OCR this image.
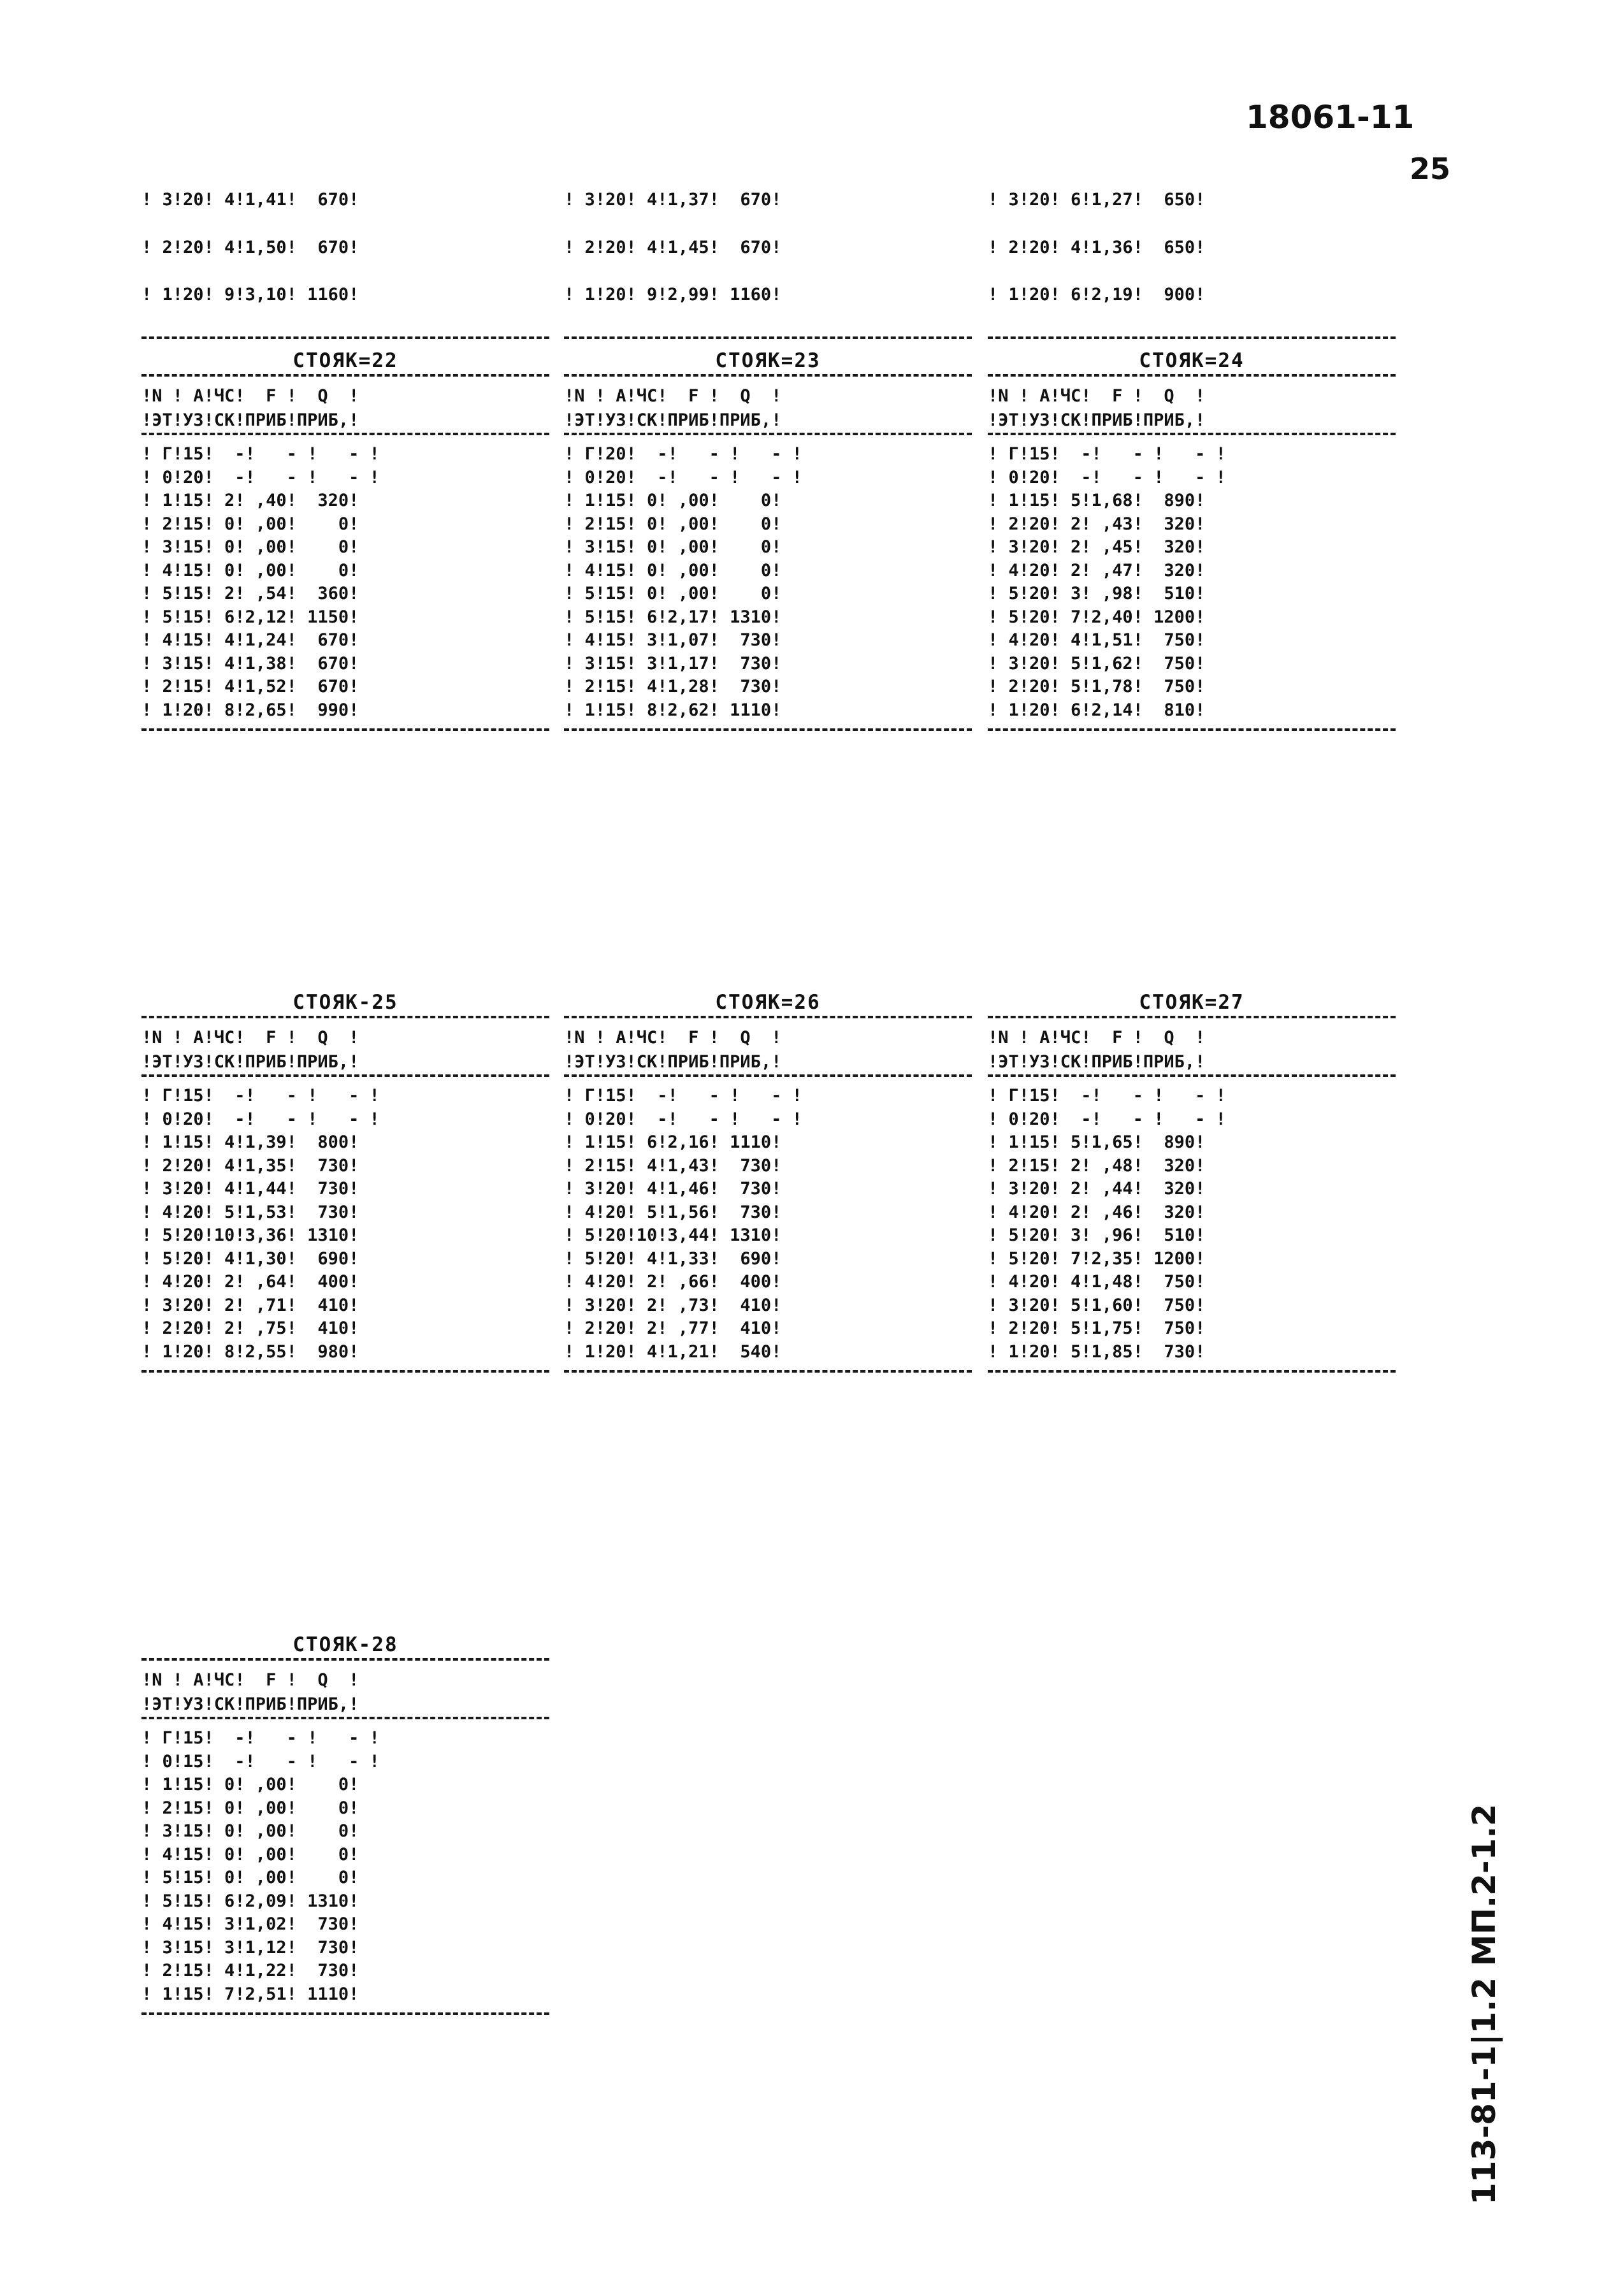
18061-11
25
113-81-1|1.2 МП.2-1.2

! 3!20! 4!1,41!  670!

! 2!20! 4!1,50!  670!

! 1!20! 9!3,10! 1160!

! 3!20! 4!1,37!  670!

! 2!20! 4!1,45!  670!

! 1!20! 9!2,99! 1160!

! 3!20! 6!1,27!  650!

! 2!20! 4!1,36!  650!

! 1!20! 6!2,19!  900!

СТОЯК=22
!N ! А!ЧС!  F !  Q  !
!ЭТ!УЗ!СК!ПРИБ!ПРИБ,!
! Г!15!  -!   - !   - !
! 0!20!  -!   - !   - !
! 1!15! 2! ,40!  320!
! 2!15! 0! ,00!    0!
! 3!15! 0! ,00!    0!
! 4!15! 0! ,00!    0!
! 5!15! 2! ,54!  360!
! 5!15! 6!2,12! 1150!
! 4!15! 4!1,24!  670!
! 3!15! 4!1,38!  670!
! 2!15! 4!1,52!  670!
! 1!20! 8!2,65!  990!
СТОЯК=23
!N ! А!ЧС!  F !  Q  !
!ЭТ!УЗ!СК!ПРИБ!ПРИБ,!
! Г!20!  -!   - !   - !
! 0!20!  -!   - !   - !
! 1!15! 0! ,00!    0!
! 2!15! 0! ,00!    0!
! 3!15! 0! ,00!    0!
! 4!15! 0! ,00!    0!
! 5!15! 0! ,00!    0!
! 5!15! 6!2,17! 1310!
! 4!15! 3!1,07!  730!
! 3!15! 3!1,17!  730!
! 2!15! 4!1,28!  730!
! 1!15! 8!2,62! 1110!
СТОЯК=24
!N ! А!ЧС!  F !  Q  !
!ЭТ!УЗ!СК!ПРИБ!ПРИБ,!
! Г!15!  -!   - !   - !
! 0!20!  -!   - !   - !
! 1!15! 5!1,68!  890!
! 2!20! 2! ,43!  320!
! 3!20! 2! ,45!  320!
! 4!20! 2! ,47!  320!
! 5!20! 3! ,98!  510!
! 5!20! 7!2,40! 1200!
! 4!20! 4!1,51!  750!
! 3!20! 5!1,62!  750!
! 2!20! 5!1,78!  750!
! 1!20! 6!2,14!  810!
СТОЯК-25
!N ! А!ЧС!  F !  Q  !
!ЭТ!УЗ!СК!ПРИБ!ПРИБ,!
! Г!15!  -!   - !   - !
! 0!20!  -!   - !   - !
! 1!15! 4!1,39!  800!
! 2!20! 4!1,35!  730!
! 3!20! 4!1,44!  730!
! 4!20! 5!1,53!  730!
! 5!20!10!3,36! 1310!
! 5!20! 4!1,30!  690!
! 4!20! 2! ,64!  400!
! 3!20! 2! ,71!  410!
! 2!20! 2! ,75!  410!
! 1!20! 8!2,55!  980!
СТОЯК=26
!N ! А!ЧС!  F !  Q  !
!ЭТ!УЗ!СК!ПРИБ!ПРИБ,!
! Г!15!  -!   - !   - !
! 0!20!  -!   - !   - !
! 1!15! 6!2,16! 1110!
! 2!15! 4!1,43!  730!
! 3!20! 4!1,46!  730!
! 4!20! 5!1,56!  730!
! 5!20!10!3,44! 1310!
! 5!20! 4!1,33!  690!
! 4!20! 2! ,66!  400!
! 3!20! 2! ,73!  410!
! 2!20! 2! ,77!  410!
! 1!20! 4!1,21!  540!
СТОЯК=27
!N ! А!ЧС!  F !  Q  !
!ЭТ!УЗ!СК!ПРИБ!ПРИБ,!
! Г!15!  -!   - !   - !
! 0!20!  -!   - !   - !
! 1!15! 5!1,65!  890!
! 2!15! 2! ,48!  320!
! 3!20! 2! ,44!  320!
! 4!20! 2! ,46!  320!
! 5!20! 3! ,96!  510!
! 5!20! 7!2,35! 1200!
! 4!20! 4!1,48!  750!
! 3!20! 5!1,60!  750!
! 2!20! 5!1,75!  750!
! 1!20! 5!1,85!  730!
СТОЯК-28
!N ! А!ЧС!  F !  Q  !
!ЭТ!УЗ!СК!ПРИБ!ПРИБ,!
! Г!15!  -!   - !   - !
! 0!15!  -!   - !   - !
! 1!15! 0! ,00!    0!
! 2!15! 0! ,00!    0!
! 3!15! 0! ,00!    0!
! 4!15! 0! ,00!    0!
! 5!15! 0! ,00!    0!
! 5!15! 6!2,09! 1310!
! 4!15! 3!1,02!  730!
! 3!15! 3!1,12!  730!
! 2!15! 4!1,22!  730!
! 1!15! 7!2,51! 1110!
